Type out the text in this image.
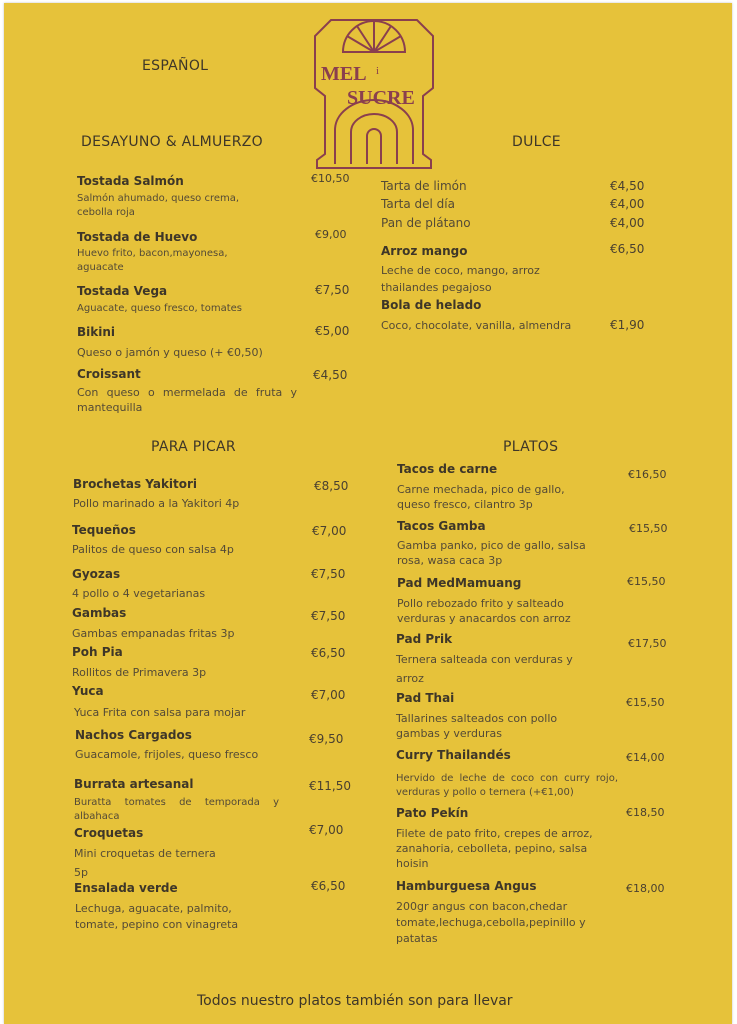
ESPAÑOL	MEL i
SUCRE
DESAYUNO & ALMUERZO
Tostada Salmón	€10,50
Salmón ahumado, queso crema, cebolla roja
Tostada de Huevo	€9,00
Huevo frito, bacon,mayonesa, aguacate
Tostada Vega	€7,50
Aguacate, queso fresco, tomates
Bikini	€5,00
Queso o jamón y queso (+ €0,50)
Croissant	€4,50
Con queso o mermelada de fruta y mantequilla
DULCE
Tarta de limón	€4,50
Tarta del día	€4,00
Pan de plátano	€4,00
Arroz mango	€6,50
Leche de coco, mango, arroz thailandes pegajoso
Bola de helado
Coco, chocolate, vanilla, almendra	€1,90
PARA PICAR
Brochetas Yakitori	€8,50
Pollo marinado a la Yakitori 4p
Tequeños	€7,00
Palitos de queso con salsa 4p
Gyozas	€7,50
4 pollo o 4 vegetarianas
Gambas	€7,50
Gambas empanadas fritas 3p
Poh Pia	€6,50
Rollitos de Primavera 3p
Yuca	€7,00
Yuca Frita con salsa para mojar
Nachos Cargados	€9,50
Guacamole, frijoles, queso fresco
Burrata artesanal	€11,50
Buratta tomates de temporada y albahaca
Croquetas	€7,00
Mini croquetas de ternera
5p
Ensalada verde	€6,50
Lechuga, aguacate, palmito, tomate, pepino con vinagreta
PLATOS
Tacos de carne	€16,50
Carne mechada, pico de gallo, queso fresco, cilantro 3p
Tacos Gamba	€15,50
Gamba panko, pico de gallo, salsa rosa, wasa caca 3p
Pad MedMamuang	€15,50
Pollo rebozado frito y salteado verduras y anacardos con arroz
Pad Prik	€17,50
Ternera salteada con verduras y
arroz
Pad Thai	€15,50
Tallarines salteados con pollo gambas y verduras
Curry Thailandés	€14,00
Hervido de leche de coco con curry rojo, verduras y pollo o ternera (+€1,00)
Pato Pekín	€18,50
Filete de pato frito, crepes de arroz, zanahoria, cebolleta, pepino, salsa hoisin
Hamburguesa Angus	€18,00
200gr angus con bacon,chedar tomate,lechuga,cebolla,pepinillo y patatas
Todos nuestro platos también son para llevar
